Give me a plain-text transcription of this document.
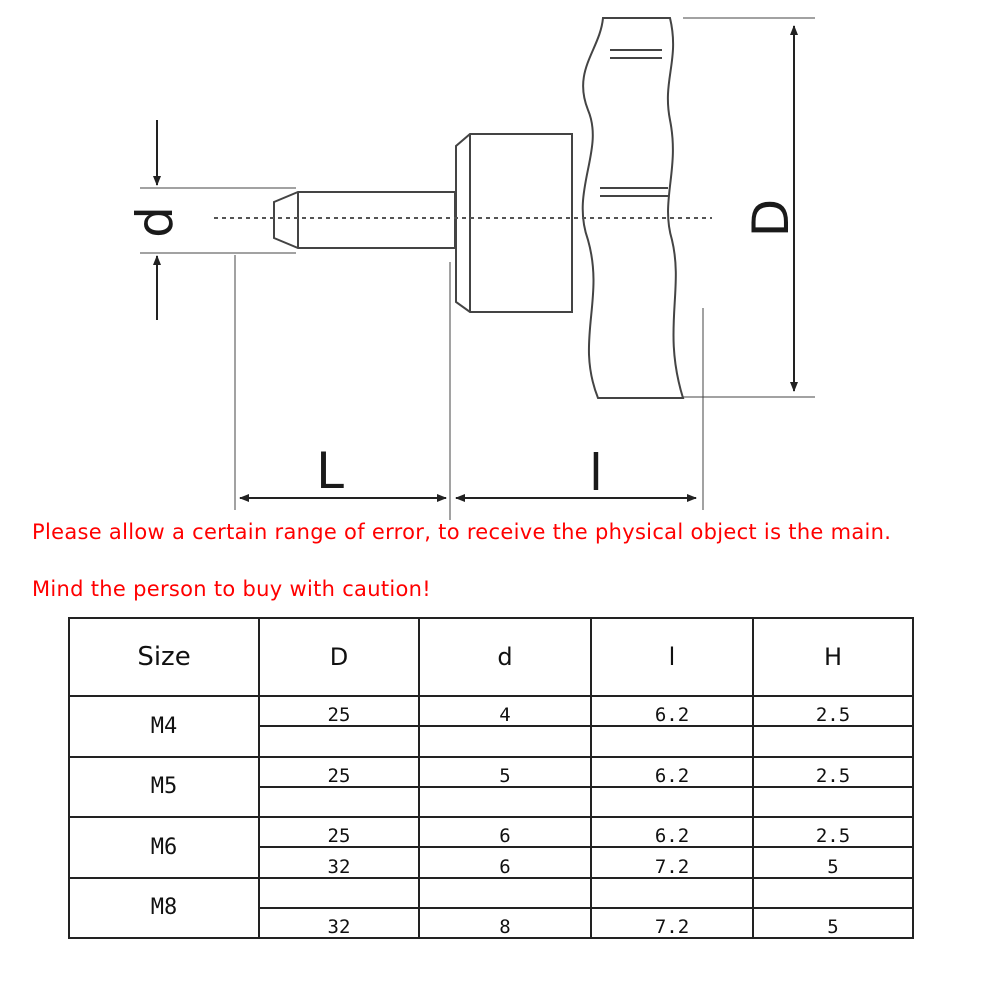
d	D
L	l
Please allow a certain range of error, to receive the physical object is the main.
Mind the person to buy with caution!
Size	D	d	l	H
M4	25	4	6.2	2.5

M5	25	5	6.2	2.5

M6	25	6	6.2	2.5
	32	6	7.2	5
M8				
	32	8	7.2	5
